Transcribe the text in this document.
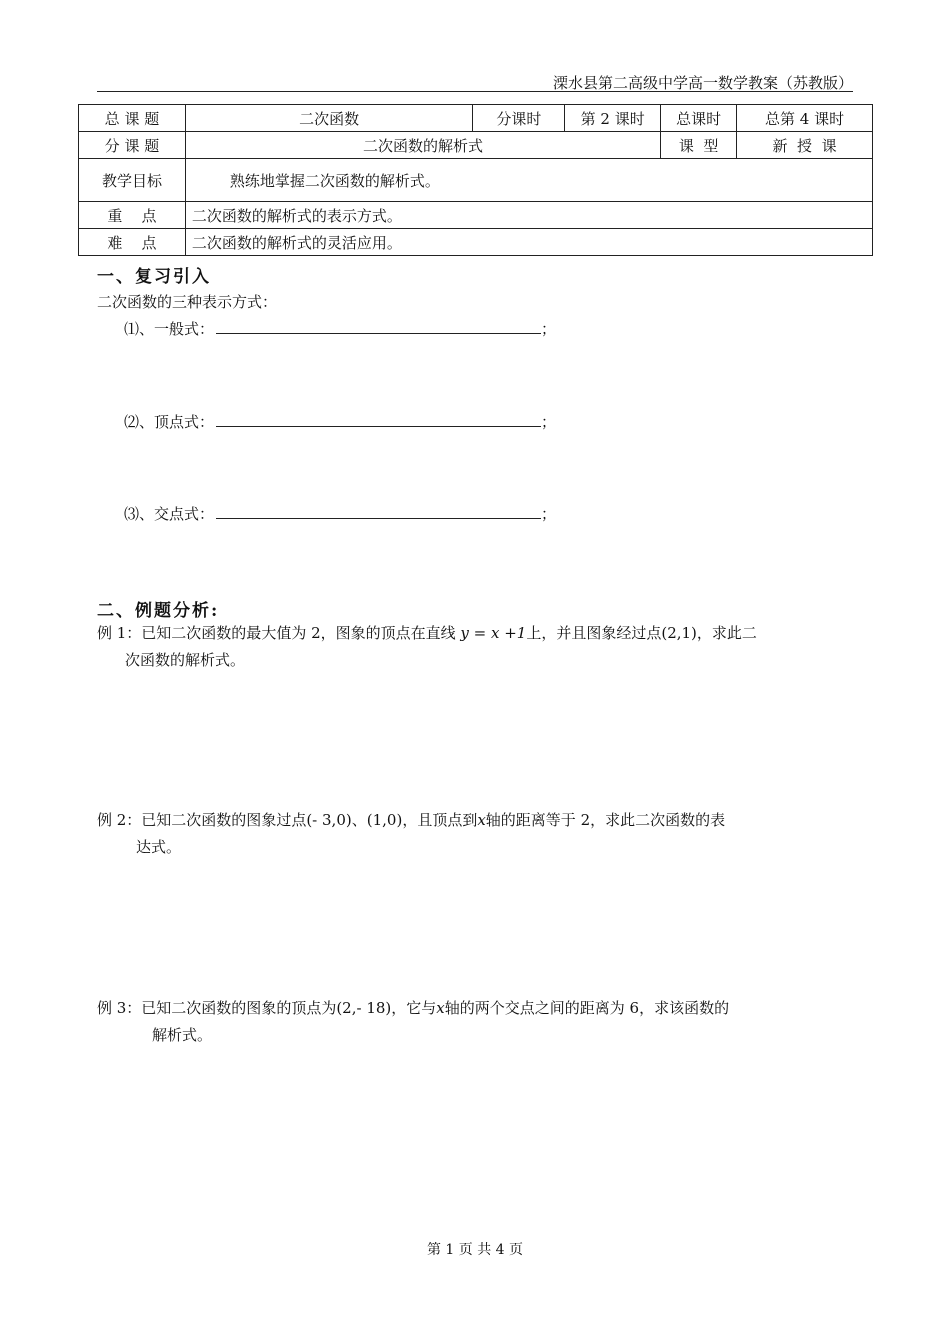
溧水县第二高级中学高一数学教案（苏教版）
总 课 题	二次函数	分课时	第 2 课时	总课时	总第 4 课时
分 课 题	二次函数的解析式			课  型	新  授  课
教学目标	熟练地掌握二次函数的解析式。				
重    点	二次函数的解析式的表示方式。				
难    点	二次函数的解析式的灵活应用。				
一、复习引入
二次函数的三种表示方式：
⑴、一般式：	；
⑵、顶点式：	；
⑶、交点式：	；
二、例题分析:
例 1：已知二次函数的最大值为 2，图象的顶点在直线 y = x +1上，并且图象经过点(2,1)，求此二
次函数的解析式。
例 2：已知二次函数的图象过点(- 3,0)、(1,0)，且顶点到x轴的距离等于 2，求此二次函数的表
达式。
例 3：已知二次函数的图象的顶点为(2,- 18)，它与x轴的两个交点之间的距离为 6，求该函数的
解析式。
第 1 页 共 4 页
